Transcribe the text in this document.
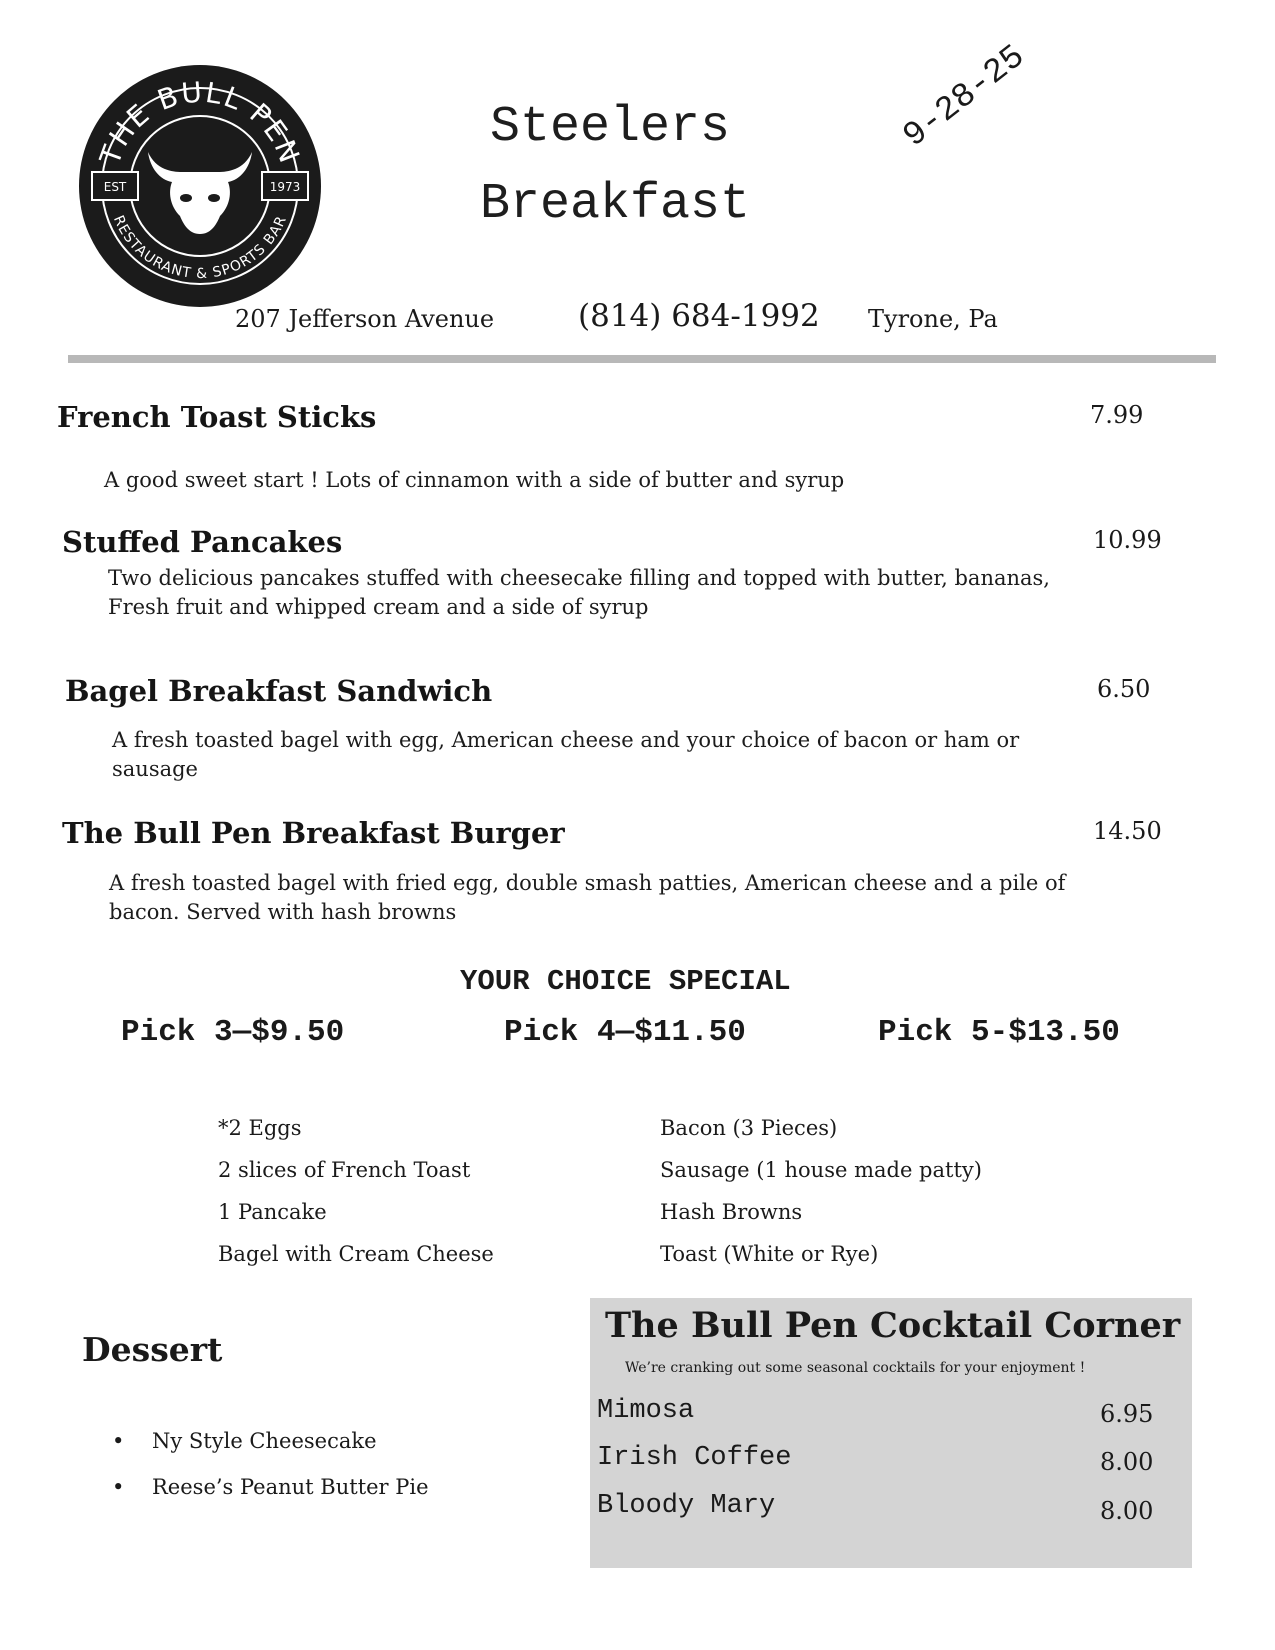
EST	1973
THE BULL PEN
RESTAURANT & SPORTS BAR
Steelers
Breakfast
9-28-25
207 Jefferson Avenue	(814) 684-1992 Tyrone, Pa
French Toast Sticks	7.99
A good sweet start ! Lots of cinnamon with a side of butter and syrup
Stuffed Pancakes	10.99
Two delicious pancakes stuffed with cheesecake filling and topped with butter, bananas, Fresh fruit and whipped cream and a side of syrup
Bagel Breakfast Sandwich	6.50
A fresh toasted bagel with egg, American cheese and your choice of bacon or ham or sausage
The Bull Pen Breakfast Burger	14.50
A fresh toasted bagel with fried egg, double smash patties, American cheese and a pile of bacon. Served with hash browns
YOUR CHOICE SPECIAL
Pick 3—$9.50	Pick 4—$11.50	Pick 5-$13.50
*2 Eggs
2 slices of French Toast
1 Pancake
Bagel with Cream Cheese
Bacon (3 Pieces)
Sausage (1 house made patty)
Hash Browns
Toast (White or Rye)
Dessert
• Ny Style Cheesecake
• Reese’s Peanut Butter Pie
The Bull Pen Cocktail Corner
We’re cranking out some seasonal cocktails for your enjoyment !
Mimosa	6.95
Irish Coffee	8.00
Bloody Mary	8.00
